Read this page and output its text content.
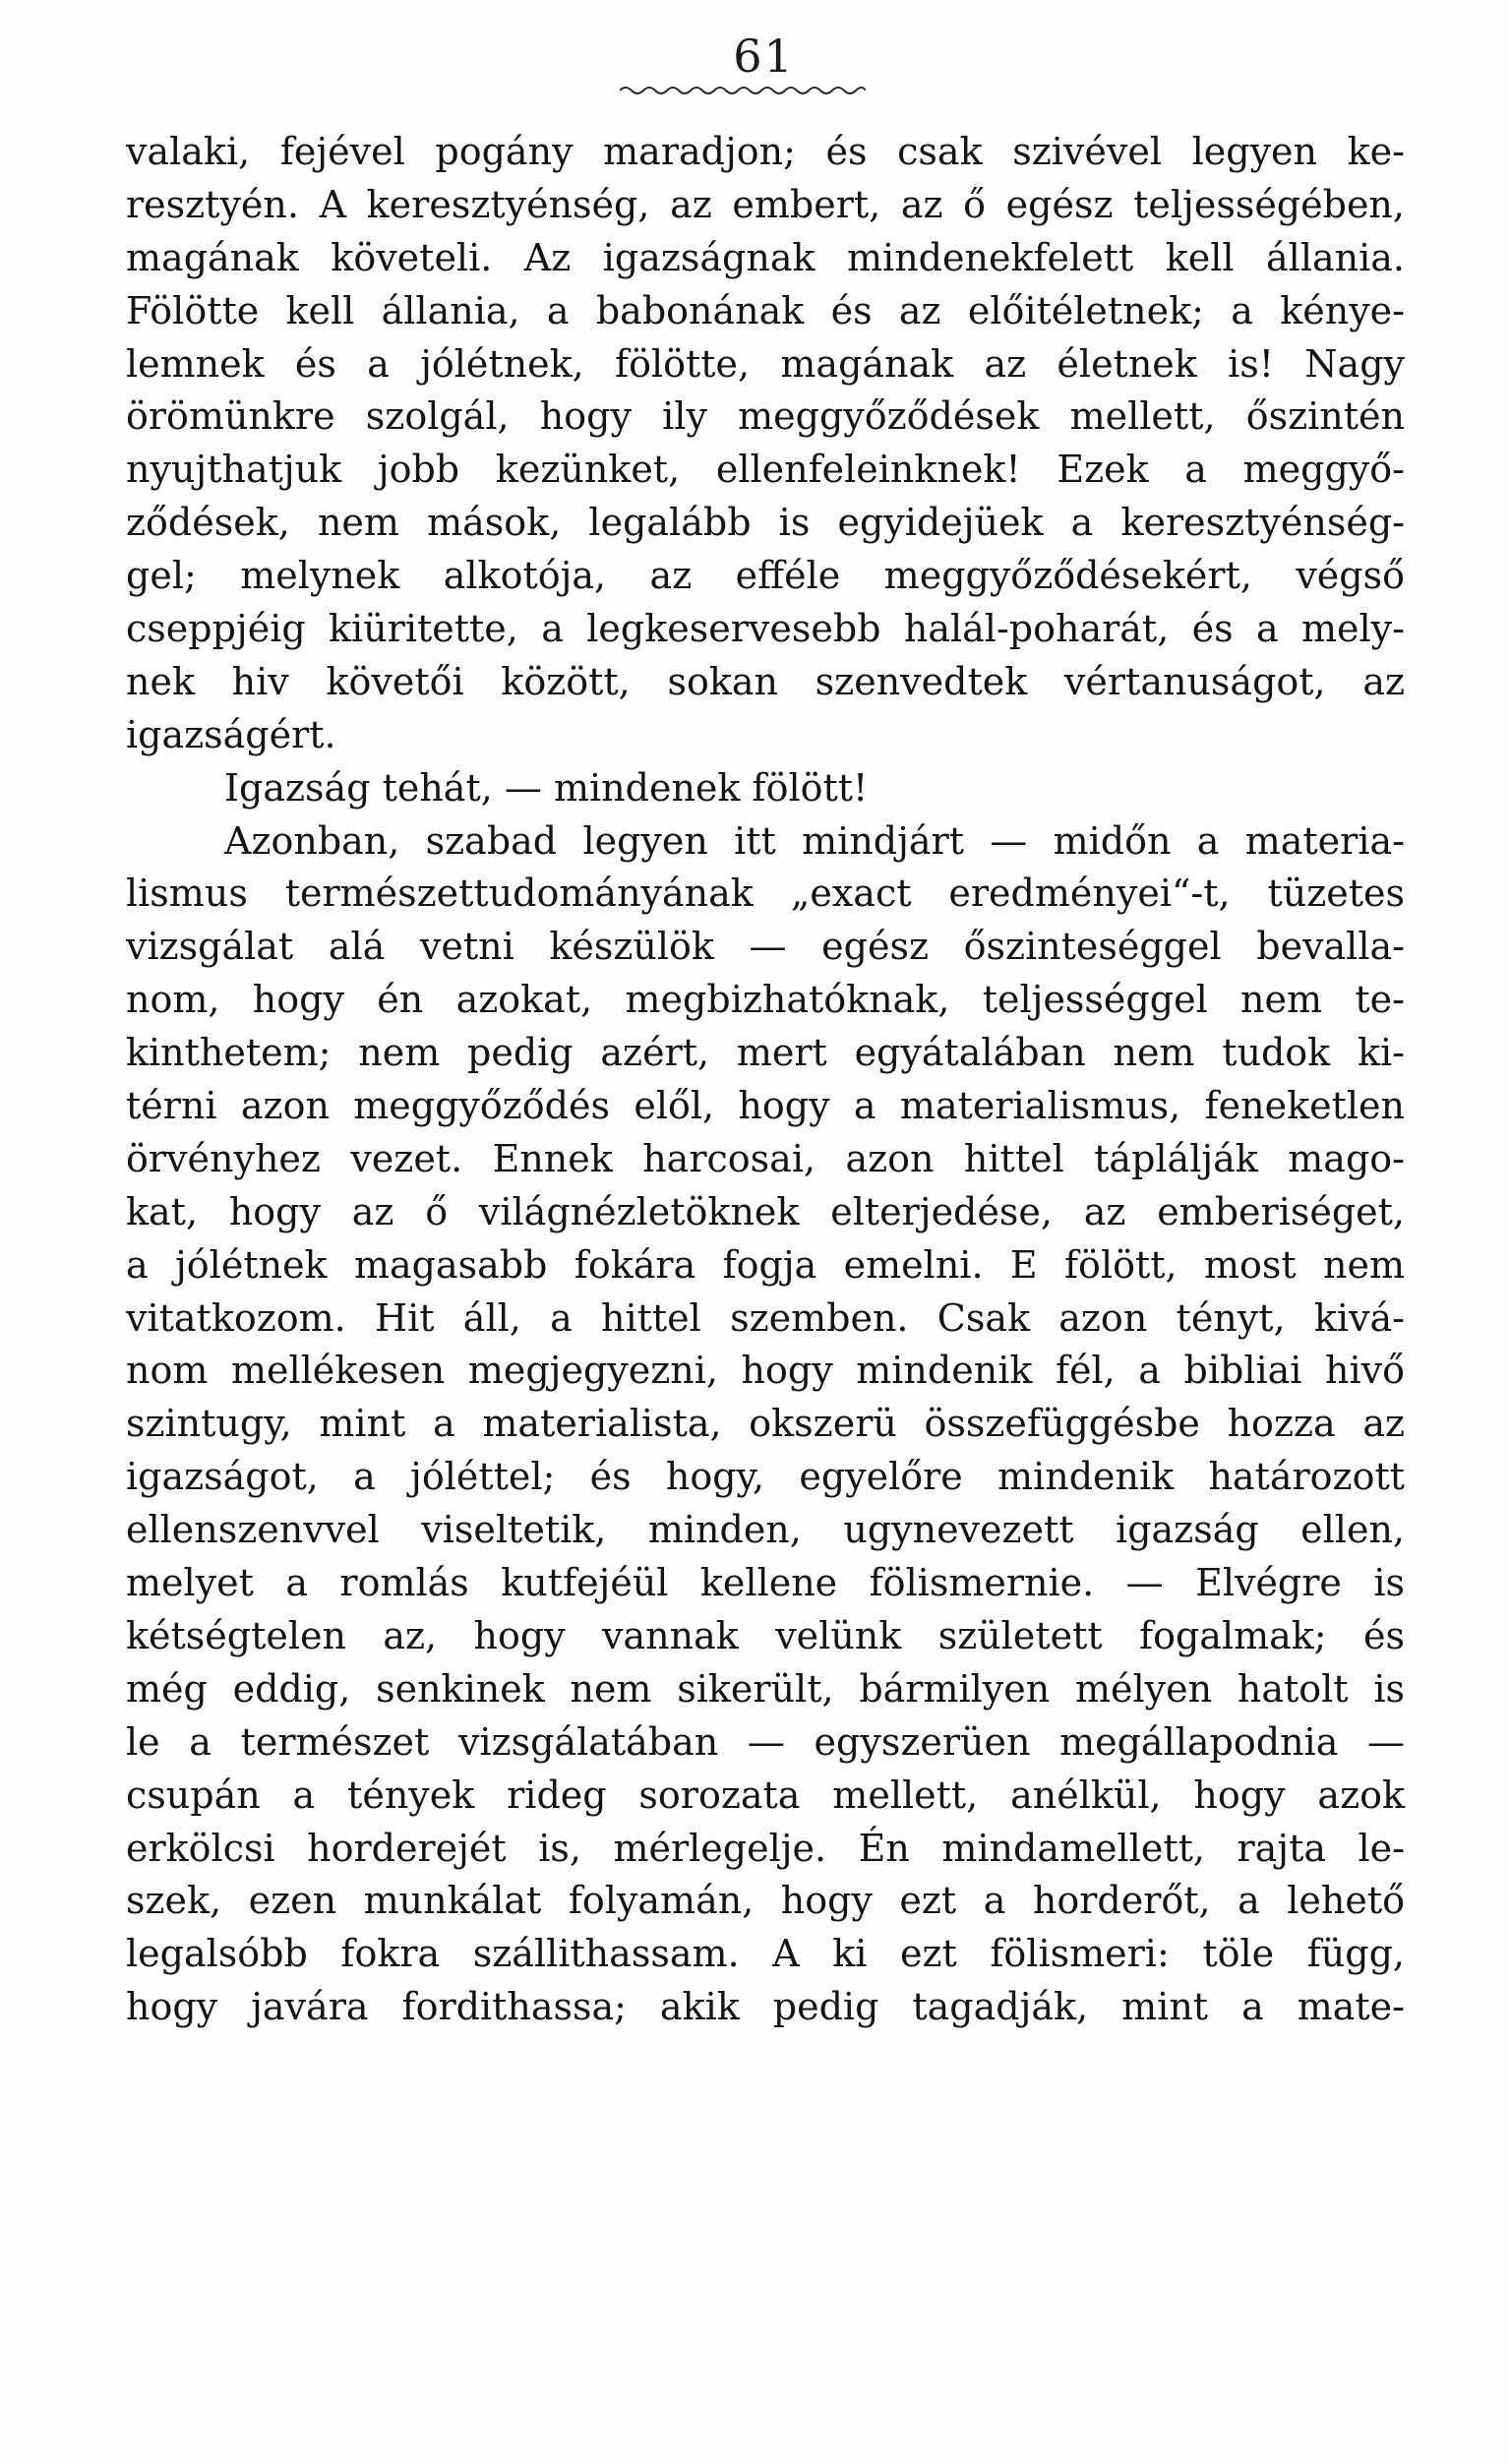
61
valaki, fejével pogány maradjon; és csak szivével legyen ke-
resztyén. A keresztyénség, az embert, az ő egész teljességében,
magának követeli. Az igazságnak mindenekfelett kell állania.
Fölötte kell állania, a babonának és az előitéletnek; a kénye-
lemnek és a jólétnek, fölötte, magának az életnek is! Nagy
örömünkre szolgál, hogy ily meggyőződések mellett, őszintén
nyujthatjuk jobb kezünket, ellenfeleinknek! Ezek a meggyő-
ződések, nem mások, legalább is egyidejüek a keresztyénség-
gel; melynek alkotója, az efféle meggyőződésekért, végső
cseppjéig kiüritette, a legkeservesebb halál-poharát, és a mely-
nek hiv követői között, sokan szenvedtek vértanuságot, az
igazságért.
Igazság tehát, — mindenek fölött!
Azonban, szabad legyen itt mindjárt — midőn a materia-
lismus természettudományának „exact eredményei“-t, tüzetes
vizsgálat alá vetni készülök — egész őszinteséggel bevalla-
nom, hogy én azokat, megbizhatóknak, teljességgel nem te-
kinthetem; nem pedig azért, mert egyátalában nem tudok ki-
térni azon meggyőződés elől, hogy a materialismus, feneketlen
örvényhez vezet. Ennek harcosai, azon hittel táplálják mago-
kat, hogy az ő világnézletöknek elterjedése, az emberiséget,
a jólétnek magasabb fokára fogja emelni. E fölött, most nem
vitatkozom. Hit áll, a hittel szemben. Csak azon tényt, kivá-
nom mellékesen megjegyezni, hogy mindenik fél, a bibliai hivő
szintugy, mint a materialista, okszerü összefüggésbe hozza az
igazságot, a jóléttel; és hogy, egyelőre mindenik határozott
ellenszenvvel viseltetik, minden, ugynevezett igazság ellen,
melyet a romlás kutfejéül kellene fölismernie. — Elvégre is
kétségtelen az, hogy vannak velünk született fogalmak; és
még eddig, senkinek nem sikerült, bármilyen mélyen hatolt is
le a természet vizsgálatában — egyszerüen megállapodnia —
csupán a tények rideg sorozata mellett, anélkül, hogy azok
erkölcsi horderejét is, mérlegelje. Én mindamellett, rajta le-
szek, ezen munkálat folyamán, hogy ezt a horderőt, a lehető
legalsóbb fokra szállithassam. A ki ezt fölismeri: töle függ,
hogy javára fordithassa; akik pedig tagadják, mint a mate-
